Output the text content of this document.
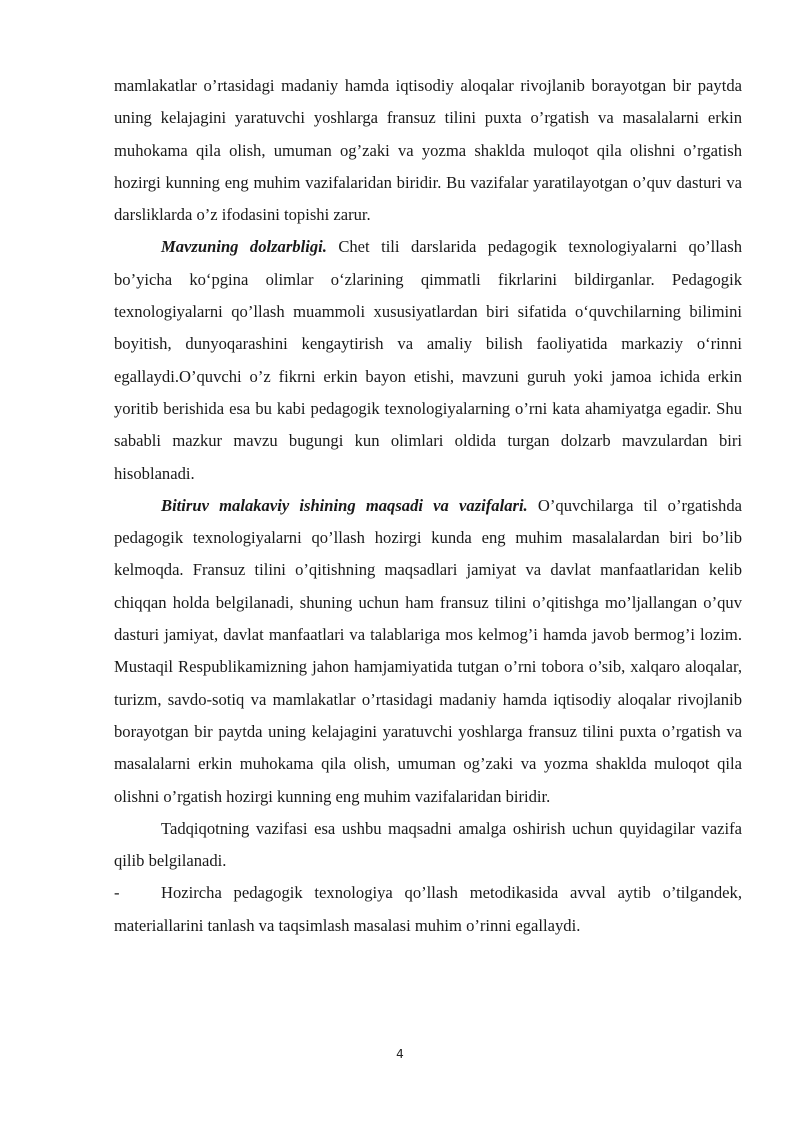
mamlakatlar o’rtasidagi madaniy hamda iqtisodiy aloqalar rivojlanib borayotgan bir paytda uning kelajagini yaratuvchi yoshlarga fransuz tilini puxta o’rgatish va masalalarni erkin muhokama qila olish, umuman og’zaki va yozma shaklda muloqot qila olishni o’rgatish hozirgi kunning eng muhim vazifalaridan biridir. Bu vazifalar yaratilayotgan o’quv dasturi va darsliklarda o’z ifodasini topishi zarur.

Mavzuning dolzarbligi. Chet tili darslarida pedagogik texnologiyalarni qo’llash bo’yicha koʻpgina olimlar oʻzlarining qimmatli fikrlarini bildirganlar. Pedagogik texnologiyalarni qo’llash muammoli xususiyatlardan biri sifatida oʻquvchilarning bilimini boyitish, dunyoqarashini kengaytirish va amaliy bilish faoliyatida markaziy oʻrinni egallaydi.O’quvchi o’z fikrni erkin bayon etishi, mavzuni guruh yoki jamoa ichida erkin yoritib berishida esa bu kabi pedagogik texnologiyalarning o’rni kata ahamiyatga egadir. Shu sababli mazkur mavzu bugungi kun olimlari oldida turgan dolzarb mavzulardan biri hisoblanadi.

Bitiruv malakaviy ishining maqsadi va vazifalari. O’quvchilarga til o’rgatishda pedagogik texnologiyalarni qo’llash hozirgi kunda eng muhim masalalardan biri bo’lib kelmoqda. Fransuz tilini o’qitishning maqsadlari jamiyat va davlat manfaatlaridan kelib chiqqan holda belgilanadi, shuning uchun ham fransuz tilini o’qitishga mo’ljallangan o’quv dasturi jamiyat, davlat manfaatlari va talablariga mos kelmog’i hamda javob bermog’i lozim. Mustaqil Respublikamizning jahon hamjamiyatida tutgan o’rni tobora o’sib, xalqaro aloqalar, turizm, savdo-sotiq va mamlakatlar o’rtasidagi madaniy hamda iqtisodiy aloqalar rivojlanib borayotgan bir paytda uning kelajagini yaratuvchi yoshlarga fransuz tilini puxta o’rgatish va masalalarni erkin muhokama qila olish, umuman og’zaki va yozma shaklda muloqot qila olishni o’rgatish hozirgi kunning eng muhim vazifalaridan biridir.

Tadqiqotning vazifasi esa ushbu maqsadni amalga oshirish uchun quyidagilar vazifa qilib belgilanadi.

- Hozircha pedagogik texnologiya qo’llash metodikasida avval aytib o’tilgandek, materiallarini tanlash va taqsimlash masalasi muhim o’rinni egallaydi.

4
